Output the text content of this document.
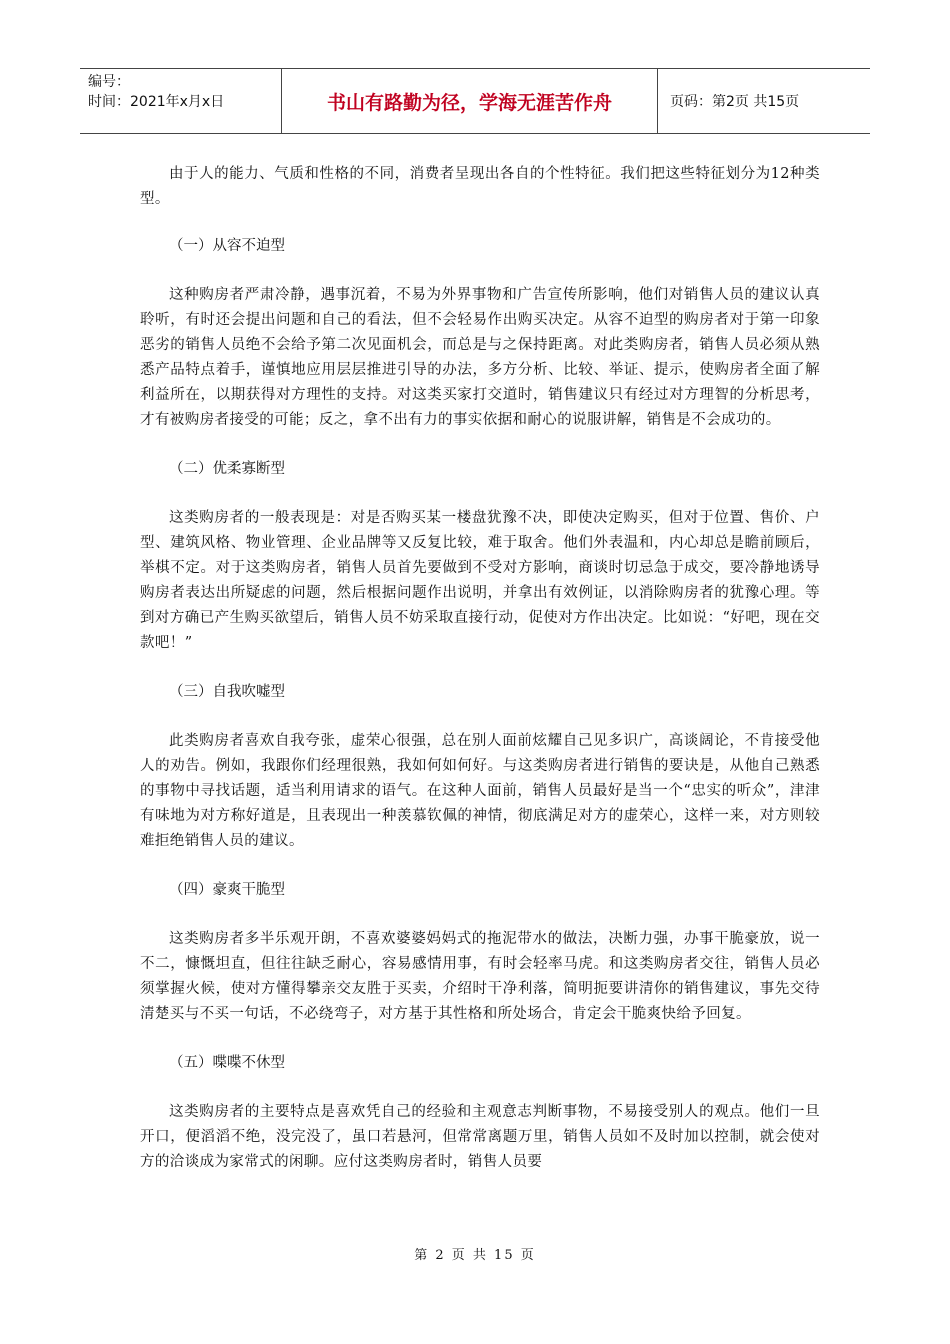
编号：
时间：2021年x月x日	书山有路勤为径，学海无涯苦作舟	页码：第2页 共15页

由于人的能力、气质和性格的不同，消费者呈现出各自的个性特征。我们把这些特征划分为12种类型。

（一）从容不迫型

这种购房者严肃冷静，遇事沉着，不易为外界事物和广告宣传所影响，他们对销售人员的建议认真聆听，有时还会提出问题和自己的看法，但不会轻易作出购买决定。从容不迫型的购房者对于第一印象恶劣的销售人员绝不会给予第二次见面机会，而总是与之保持距离。对此类购房者，销售人员必须从熟悉产品特点着手，谨慎地应用层层推进引导的办法，多方分析、比较、举证、提示，使购房者全面了解利益所在，以期获得对方理性的支持。对这类买家打交道时，销售建议只有经过对方理智的分析思考，才有被购房者接受的可能；反之，拿不出有力的事实依据和耐心的说服讲解，销售是不会成功的。

（二）优柔寡断型

这类购房者的一般表现是：对是否购买某一楼盘犹豫不决，即使决定购买，但对于位置、售价、户型、建筑风格、物业管理、企业品牌等又反复比较，难于取舍。他们外表温和，内心却总是瞻前顾后，举棋不定。对于这类购房者，销售人员首先要做到不受对方影响，商谈时切忌急于成交，要冷静地诱导购房者表达出所疑虑的问题，然后根据问题作出说明，并拿出有效例证，以消除购房者的犹豫心理。等到对方确已产生购买欲望后，销售人员不妨采取直接行动，促使对方作出决定。比如说：“好吧，现在交款吧！”

（三）自我吹嘘型

此类购房者喜欢自我夸张，虚荣心很强，总在别人面前炫耀自己见多识广，高谈阔论，不肯接受他人的劝告。例如，我跟你们经理很熟，我如何如何好。与这类购房者进行销售的要诀是，从他自己熟悉的事物中寻找话题，适当利用请求的语气。在这种人面前，销售人员最好是当一个“忠实的听众”，津津有味地为对方称好道是，且表现出一种羡慕钦佩的神情，彻底满足对方的虚荣心，这样一来，对方则较难拒绝销售人员的建议。

（四）豪爽干脆型

这类购房者多半乐观开朗，不喜欢婆婆妈妈式的拖泥带水的做法，决断力强，办事干脆豪放，说一不二，慷慨坦直，但往往缺乏耐心，容易感情用事，有时会轻率马虎。和这类购房者交往，销售人员必须掌握火候，使对方懂得攀亲交友胜于买卖，介绍时干净利落，简明扼要讲清你的销售建议，事先交待清楚买与不买一句话，不必绕弯子，对方基于其性格和所处场合，肯定会干脆爽快给予回复。

（五）喋喋不休型

这类购房者的主要特点是喜欢凭自己的经验和主观意志判断事物，不易接受别人的观点。他们一旦开口，便滔滔不绝，没完没了，虽口若悬河，但常常离题万里，销售人员如不及时加以控制，就会使对方的洽谈成为家常式的闲聊。应付这类购房者时，销售人员要

第 2 页 共 15 页
